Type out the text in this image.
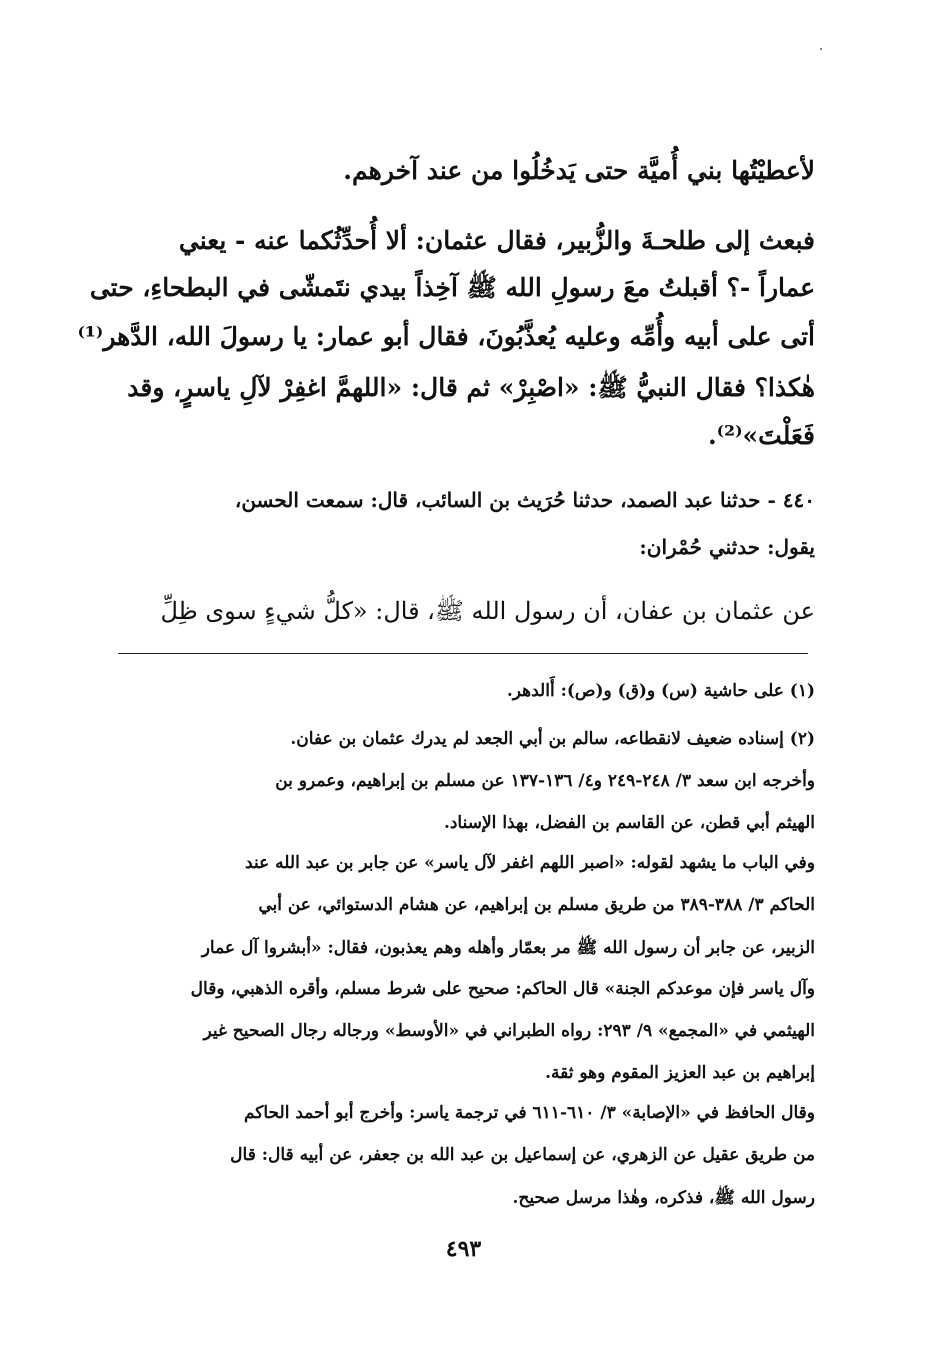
لأعطيْتُها بني أُميَّة حتى يَدخُلُوا من عند آخرهم.
فبعث إلى طلحـةَ والزُّبير، فقال عثمان: ألا أُحدِّثُكما عنه - يعني
عماراً -؟ أقبلتُ معَ رسولِ الله ﷺ آخِذاً بيدي نتَمشّى في البطحاءِ، حتى
أتى على أبيه وأُمِّه وعليه يُعذَّبُونَ، فقال أبو عمار: يا رسولَ الله، الدَّهر⁽¹⁾
هٰكذا؟ فقال النبيُّ ﷺ: «اصْبِرْ» ثم قال: «اللهمَّ اغفِرْ لآلِ ياسرٍ، وقد
فَعَلْتَ»⁽²⁾.
٤٤٠ - حدثنا عبد الصمد، حدثنا حُرَيث بن السائب، قال: سمعت الحسن،
يقول: حدثني حُمْران:
عن عثمان بن عفان، أن رسول الله ﷺ، قال: «كلُّ شيءٍ سوى ظِلِّ
(١) على حاشية (س) و(ق) و(ص): أَالدهر.
(٢) إسناده ضعيف لانقطاعه، سالم بن أبي الجعد لم يدرك عثمان بن عفان.
وأخرجه ابن سعد ٣/ ٢٤٨-٢٤٩ و٤/ ١٣٦-١٣٧ عن مسلم بن إبراهيم، وعمرو بن
الهيثم أبي قطن، عن القاسم بن الفضل، بهذا الإسناد.
وفي الباب ما يشهد لقوله: «اصبر اللهم اغفر لآل ياسر» عن جابر بن عبد الله عند
الحاكم ٣/ ٣٨٨-٣٨٩ من طريق مسلم بن إبراهيم، عن هشام الدستوائي، عن أبي
الزبير، عن جابر أن رسول الله ﷺ مر بعمّار وأهله وهم يعذبون، فقال: «أبشروا آل عمار
وآل ياسر فإن موعدكم الجنة» قال الحاكم: صحيح على شرط مسلم، وأقره الذهبي، وقال
الهيثمي في «المجمع» ٩/ ٢٩٣: رواه الطبراني في «الأوسط» ورجاله رجال الصحيح غير
إبراهيم بن عبد العزيز المقوم وهو ثقة.
وقال الحافظ في «الإصابة» ٣/ ٦١٠-٦١١ في ترجمة ياسر: وأخرج أبو أحمد الحاكم
من طريق عقيل عن الزهري، عن إسماعيل بن عبد الله بن جعفر، عن أبيه قال: قال
رسول الله ﷺ، فذكره، وهٰذا مرسل صحيح.
٤٩٣
